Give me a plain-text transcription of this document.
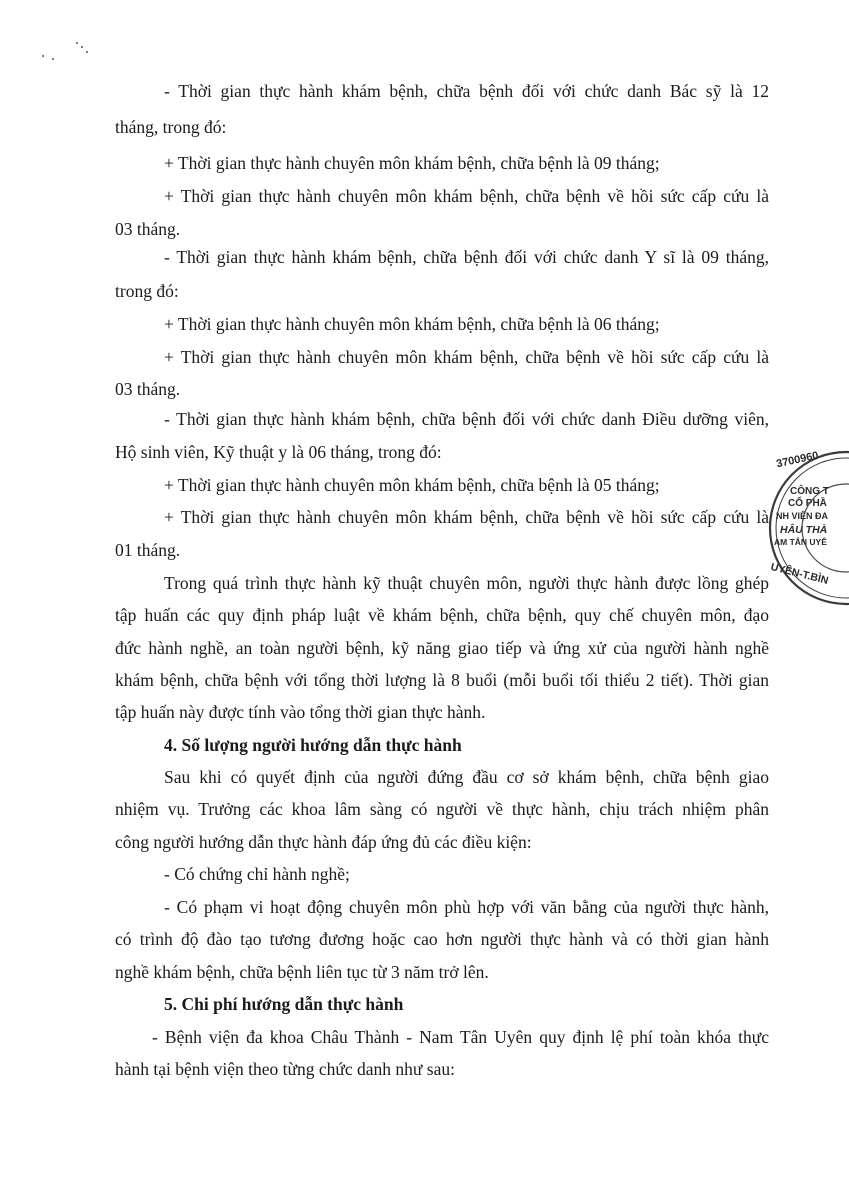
- Thời gian thực hành khám bệnh, chữa bệnh đối với chức danh Bác sỹ là 12
tháng, trong đó:
+ Thời gian thực hành chuyên môn khám bệnh, chữa bệnh là 09 tháng;
+ Thời gian thực hành chuyên môn khám bệnh, chữa bệnh về hồi sức cấp cứu là
03 tháng.
- Thời gian thực hành khám bệnh, chữa bệnh đối với chức danh Y sĩ là 09 tháng,
trong đó:
+ Thời gian thực hành chuyên môn khám bệnh, chữa bệnh là 06 tháng;
+ Thời gian thực hành chuyên môn khám bệnh, chữa bệnh về hồi sức cấp cứu là
03 tháng.
- Thời gian thực hành khám bệnh, chữa bệnh đối với chức danh Điều dưỡng viên,
Hộ sinh viên, Kỹ thuật y là 06 tháng, trong đó:
+ Thời gian thực hành chuyên môn khám bệnh, chữa bệnh là 05 tháng;
+ Thời gian thực hành chuyên môn khám bệnh, chữa bệnh về hồi sức cấp cứu là
01 tháng.
Trong quá trình thực hành kỹ thuật chuyên môn, người thực hành được lồng ghép
tập huấn các quy định pháp luật về khám bệnh, chữa bệnh, quy chế chuyên môn, đạo
đức hành nghề, an toàn người bệnh, kỹ năng giao tiếp và ứng xử của người hành nghề
khám bệnh, chữa bệnh với tổng thời lượng là 8 buổi (mỗi buổi tối thiểu 2 tiết). Thời gian
tập huấn này được tính vào tổng thời gian thực hành.
4. Số lượng người hướng dẫn thực hành
Sau khi có quyết định của người đứng đầu cơ sở khám bệnh, chữa bệnh giao
nhiệm vụ. Trưởng các khoa lâm sàng có người về thực hành, chịu trách nhiệm phân
công người hướng dẫn thực hành đáp ứng đủ các điều kiện:
- Có chứng chỉ hành nghề;
- Có phạm vi hoạt động chuyên môn phù hợp với văn bằng của người thực hành,
có trình độ đào tạo tương đương hoặc cao hơn người thực hành và có thời gian hành
nghề khám bệnh, chữa bệnh liên tục từ 3 năm trở lên.
5. Chi phí hướng dẫn thực hành
- Bệnh viện đa khoa Châu Thành - Nam Tân Uyên quy định lệ phí toàn khóa thực
hành tại bệnh viện theo từng chức danh như sau:
3700960
CÔNG T
CỔ PHẦ
NH VIỆN ĐA
HÂU THÀ
AM TÂN UYÊ
UYÊN-T.BÌN
